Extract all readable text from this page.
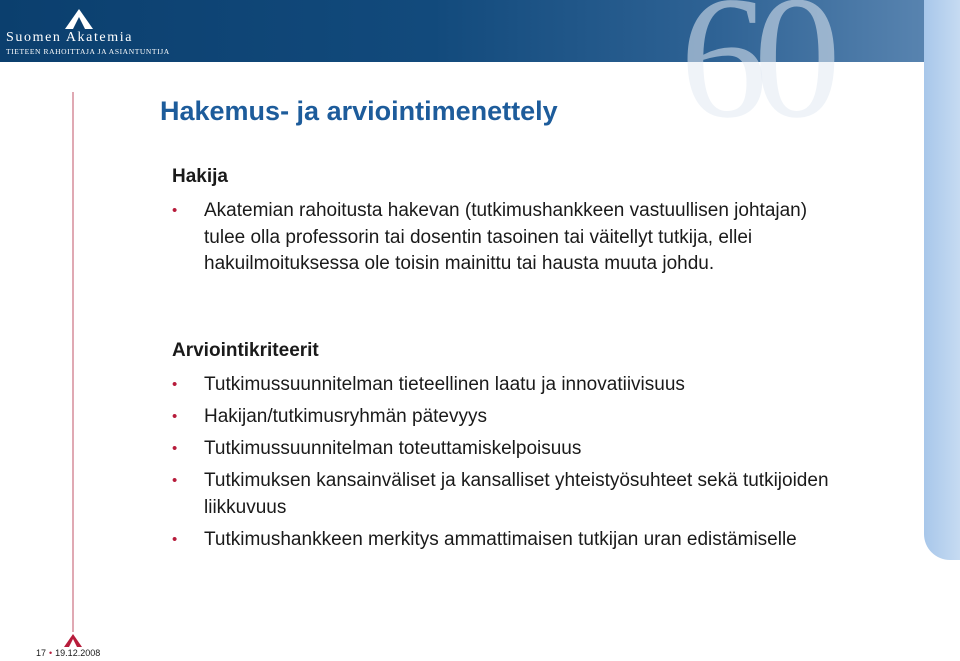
60
Suomen Akatemia
TIETEEN RAHOITTAJA JA ASIANTUNTIJA
Hakemus- ja arviointimenettely
Hakija
• Akatemian rahoitusta hakevan (tutkimushankkeen vastuullisen johtajan) tulee olla professorin tai dosentin tasoinen tai väitellyt tutkija, ellei hakuilmoituksessa ole toisin mainittu tai hausta muuta johdu.
Arviointikriteerit
• Tutkimussuunnitelman tieteellinen laatu ja innovatiivisuus
• Hakijan/tutkimusryhmän pätevyys
• Tutkimussuunnitelman toteuttamiskelpoisuus
• Tutkimuksen kansainväliset ja kansalliset yhteistyösuhteet sekä tutkijoiden liikkuvuus
• Tutkimushankkeen merkitys ammattimaisen tutkijan uran edistämiselle
17 • 19.12.2008
